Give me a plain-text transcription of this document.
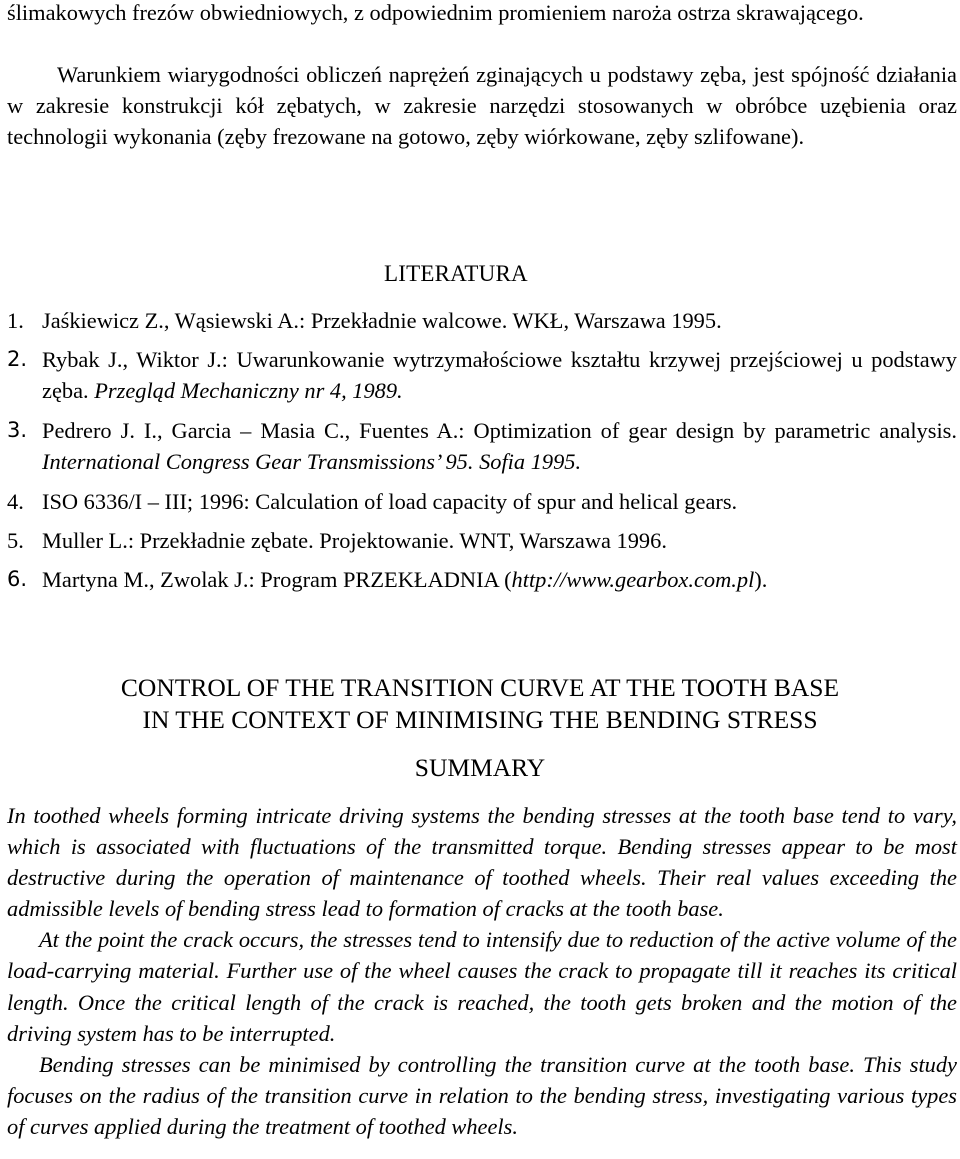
ślimakowych frezów obwiedniowych, z odpowiednim promieniem naroża ostrza skrawającego.

Warunkiem wiarygodności obliczeń naprężeń zginających u podstawy zęba, jest spójność działania w zakresie konstrukcji kół zębatych, w zakresie narzędzi stosowanych w obróbce uzębienia oraz technologii wykonania (zęby frezowane na gotowo, zęby wiórkowane, zęby szlifowane).

LITERATURA
1. Jaśkiewicz Z., Wąsiewski A.: Przekładnie walcowe. WKŁ, Warszawa 1995.
2. Rybak J., Wiktor J.: Uwarunkowanie wytrzymałościowe kształtu krzywej przejściowej u podstawy zęba. Przegląd Mechaniczny nr 4, 1989.
3. Pedrero J. I., Garcia – Masia C., Fuentes A.: Optimization of gear design by parametric analysis. International Congress Gear Transmissions’ 95. Sofia 1995.
4. ISO 6336/I – III; 1996: Calculation of load capacity of spur and helical gears.
5. Muller L.: Przekładnie zębate. Projektowanie. WNT, Warszawa 1996.
6. Martyna M., Zwolak J.: Program PRZEKŁADNIA (http://www.gearbox.com.pl).
CONTROL OF THE TRANSITION CURVE AT THE TOOTH BASE
IN THE CONTEXT OF MINIMISING THE BENDING STRESS
SUMMARY

In toothed wheels forming intricate driving systems the bending stresses at the tooth base tend to vary, which is associated with fluctuations of the transmitted torque. Bending stresses appear to be most destructive during the operation of maintenance of toothed wheels. Their real values exceeding the admissible levels of bending stress lead to formation of cracks at the tooth base.

At the point the crack occurs, the stresses tend to intensify due to reduction of the active volume of the load-carrying material. Further use of the wheel causes the crack to propagate till it reaches its critical length. Once the critical length of the crack is reached, the tooth gets broken and the motion of the driving system has to be interrupted.

Bending stresses can be minimised by controlling the transition curve at the tooth base. This study focuses on the radius of the transition curve in relation to the bending stress, investigating various types of curves applied during the treatment of toothed wheels.
